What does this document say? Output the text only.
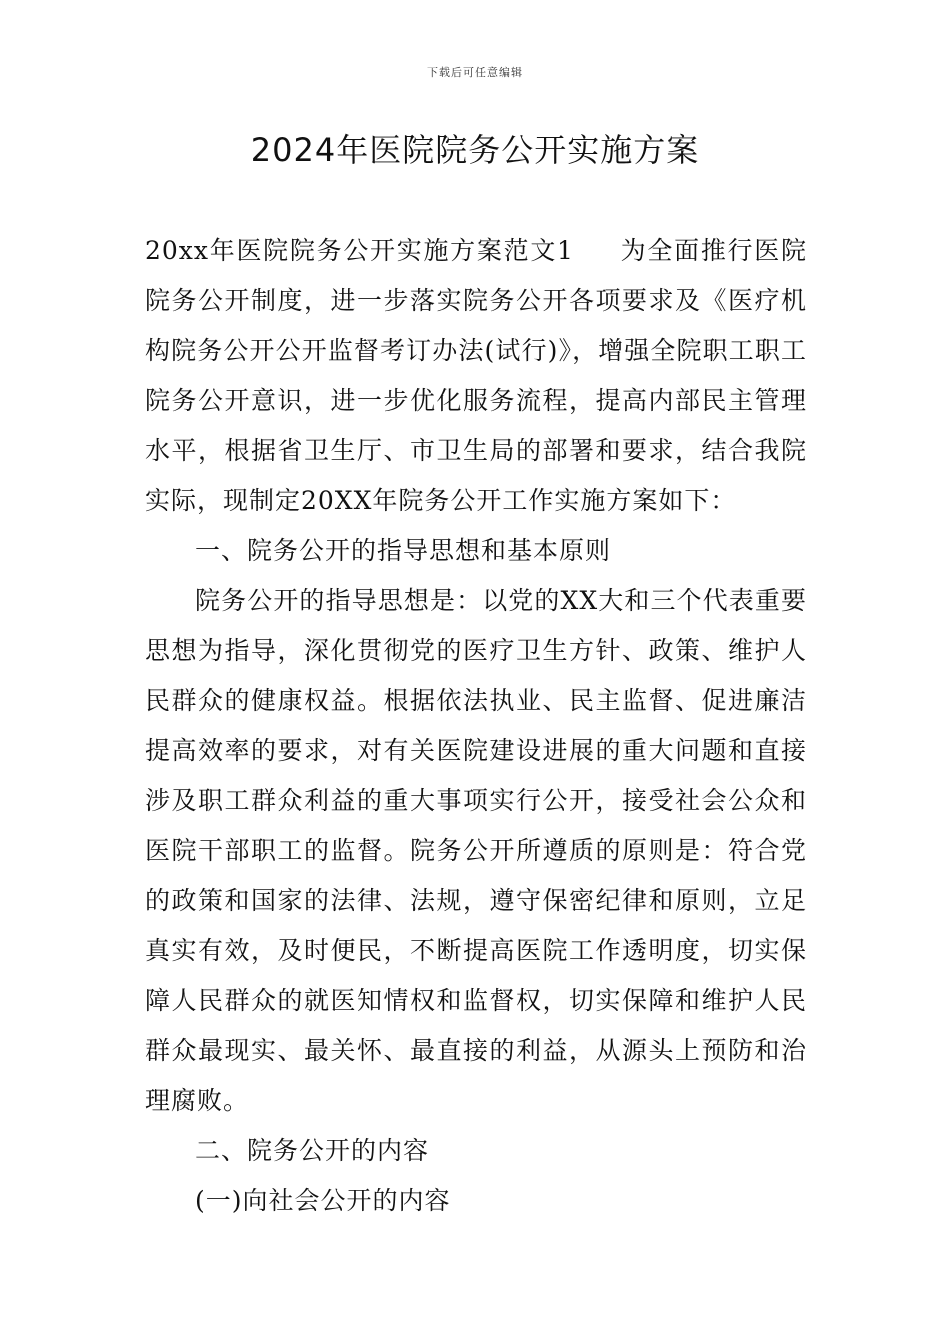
下载后可任意编辑
2024年医院院务公开实施方案

20xx年医院院务公开实施方案范文1 为全面推行医院院务公开制度，进一步落实院务公开各项要求及《医疗机构院务公开公开监督考订办法(试行)》，增强全院职工职工院务公开意识，进一步优化服务流程，提高内部民主管理水平，根据省卫生厅、市卫生局的部署和要求，结合我院实际，现制定20XX年院务公开工作实施方案如下：

一、院务公开的指导思想和基本原则

院务公开的指导思想是：以党的XX大和三个代表重要思想为指导，深化贯彻党的医疗卫生方针、政策、维护人民群众的健康权益。根据依法执业、民主监督、促进廉洁提高效率的要求，对有关医院建设进展的重大问题和直接涉及职工群众利益的重大事项实行公开，接受社会公众和医院干部职工的监督。院务公开所遵质的原则是：符合党的政策和国家的法律、法规，遵守保密纪律和原则，立足真实有效，及时便民，不断提高医院工作透明度，切实保障人民群众的就医知情权和监督权，切实保障和维护人民群众最现实、最关怀、最直接的利益，从源头上预防和治理腐败。

二、院务公开的内容

(一)向社会公开的内容
